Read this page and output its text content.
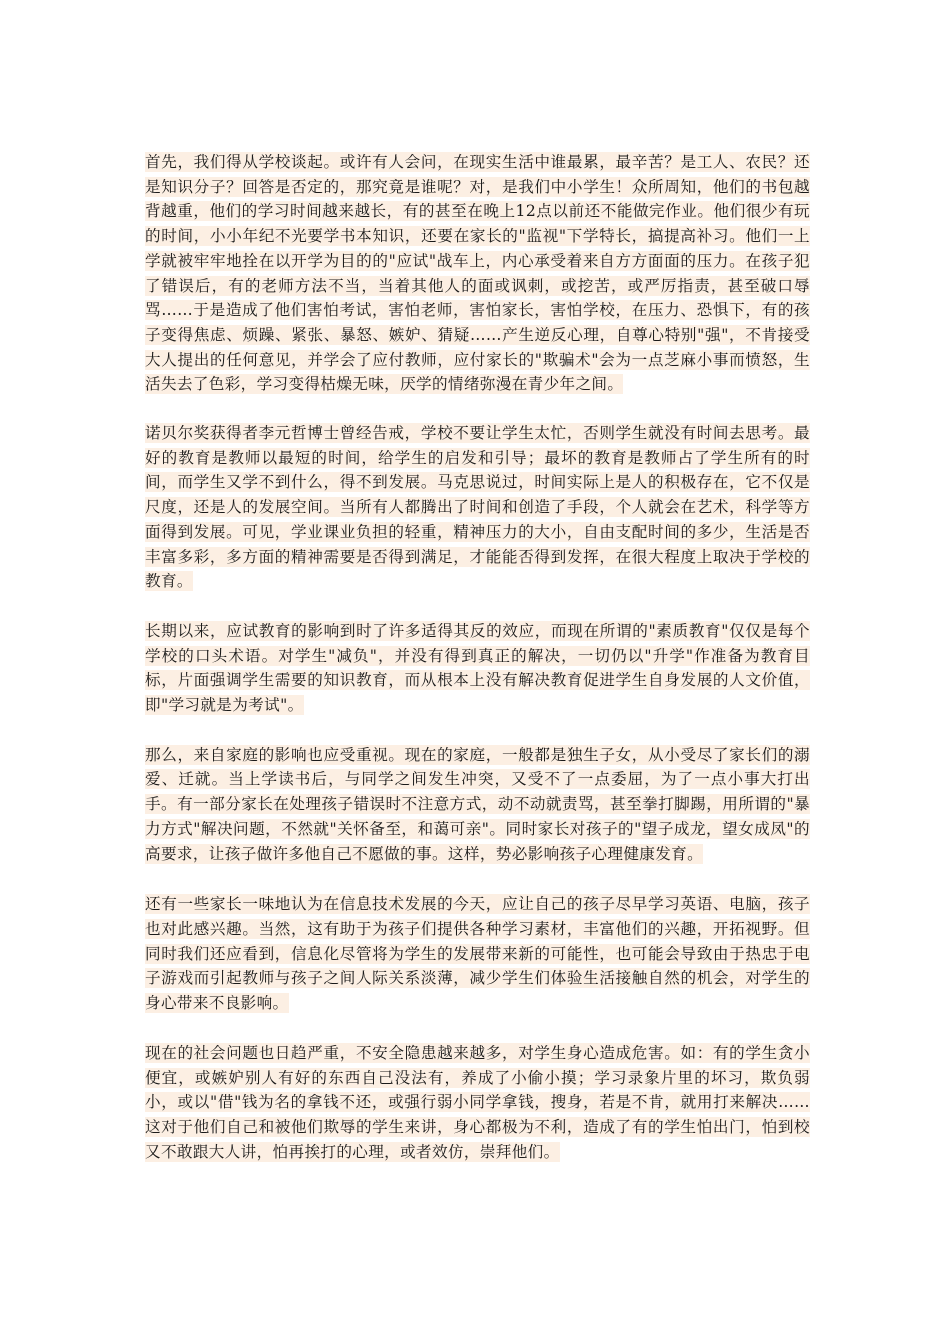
首先，我们得从学校谈起。或许有人会问，在现实生活中谁最累，最辛苦？是工人、农民？还是知识分子？回答是否定的，那究竟是谁呢？对，是我们中小学生！众所周知，他们的书包越背越重，他们的学习时间越来越长，有的甚至在晚上12点以前还不能做完作业。他们很少有玩的时间，小小年纪不光要学书本知识，还要在家长的"监视"下学特长，搞提高补习。他们一上学就被牢牢地拴在以开学为目的的"应试"战车上，内心承受着来自方方面面的压力。在孩子犯了错误后，有的老师方法不当，当着其他人的面或讽刺，或挖苦，或严厉指责，甚至破口辱骂……于是造成了他们害怕考试，害怕老师，害怕家长，害怕学校，在压力、恐惧下，有的孩子变得焦虑、烦躁、紧张、暴怒、嫉妒、猜疑……产生逆反心理，自尊心特别"强"，不肯接受大人提出的任何意见，并学会了应付教师，应付家长的"欺骗术"会为一点芝麻小事而愤怒，生活失去了色彩，学习变得枯燥无味，厌学的情绪弥漫在青少年之间。

诺贝尔奖获得者李元哲博士曾经告戒，学校不要让学生太忙，否则学生就没有时间去思考。最好的教育是教师以最短的时间，给学生的启发和引导；最坏的教育是教师占了学生所有的时间，而学生又学不到什么，得不到发展。马克思说过，时间实际上是人的积极存在，它不仅是尺度，还是人的发展空间。当所有人都腾出了时间和创造了手段，个人就会在艺术，科学等方面得到发展。可见，学业课业负担的轻重，精神压力的大小，自由支配时间的多少，生活是否丰富多彩，多方面的精神需要是否得到满足，才能能否得到发挥，在很大程度上取决于学校的教育。

长期以来，应试教育的影响到时了许多适得其反的效应，而现在所谓的"素质教育"仅仅是每个学校的口头术语。对学生"减负"，并没有得到真正的解决，一切仍以"升学"作准备为教育目标，片面强调学生需要的知识教育，而从根本上没有解决教育促进学生自身发展的人文价值，即"学习就是为考试"。

那么，来自家庭的影响也应受重视。现在的家庭，一般都是独生子女，从小受尽了家长们的溺爱、迁就。当上学读书后，与同学之间发生冲突，又受不了一点委屈，为了一点小事大打出手。有一部分家长在处理孩子错误时不注意方式，动不动就责骂，甚至拳打脚踢，用所谓的"暴力方式"解决问题，不然就"关怀备至，和蔼可亲"。同时家长对孩子的"望子成龙，望女成凤"的高要求，让孩子做许多他自己不愿做的事。这样，势必影响孩子心理健康发育。

还有一些家长一味地认为在信息技术发展的今天，应让自己的孩子尽早学习英语、电脑，孩子也对此感兴趣。当然，这有助于为孩子们提供各种学习素材，丰富他们的兴趣，开拓视野。但同时我们还应看到，信息化尽管将为学生的发展带来新的可能性，也可能会导致由于热忠于电子游戏而引起教师与孩子之间人际关系淡薄，减少学生们体验生活接触自然的机会，对学生的身心带来不良影响。

现在的社会问题也日趋严重，不安全隐患越来越多，对学生身心造成危害。如：有的学生贪小便宜，或嫉妒别人有好的东西自己没法有，养成了小偷小摸；学习录象片里的坏习，欺负弱小，或以"借"钱为名的拿钱不还，或强行弱小同学拿钱，搜身，若是不肯，就用打来解决……这对于他们自己和被他们欺辱的学生来讲，身心都极为不利，造成了有的学生怕出门，怕到校又不敢跟大人讲，怕再挨打的心理，或者效仿，崇拜他们。
